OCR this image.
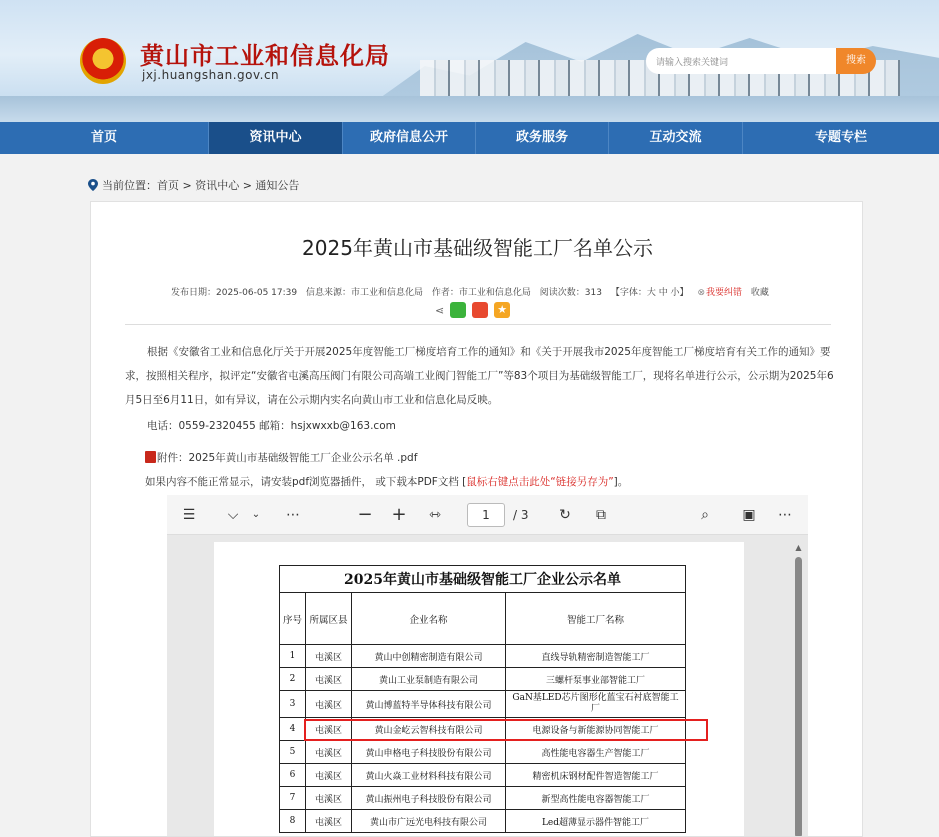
黄山市工业和信息化局
jxj.huangshan.gov.cn
请输入搜索关键词	搜索
首页	资讯中心	政府信息公开	政务服务	互动交流	专题专栏
当前位置：首页 > 资讯中心 > 通知公告
2025年黄山市基础级智能工厂名单公示
发布日期：2025-06-05 17:39 信息来源：市工业和信息化局 作者：市工业和信息化局 阅读次数：313 【字体：大 中 小】 ⊗我要纠错 收藏
⋖	★
根据《安徽省工业和信息化厅关于开展2025年度智能工厂梯度培育工作的通知》和《关于开展我市2025年度智能工厂梯度培育有关工作的通知》要求，按照相关程序，拟评定“安徽省屯溪高压阀门有限公司高端工业阀门智能工厂”等83个项目为基础级智能工厂，现将名单进行公示，公示期为2025年6月5日至6月11日，如有异议，请在公示期内实名向黄山市工业和信息化局反映。
电话：0559-2320455 邮箱：hsjxwxxb@163.com
附件：2025年黄山市基础级智能工厂企业公示名单 .pdf
如果内容不能正常显示，请安装pdf浏览器插件， 或下载本PDF文档 [鼠标右键点击此处“链接另存为”]。
☰	⌵	⌄	⋯	− +	⇿	1	/ 3	↻	⧉	⌕	▣	⋯
2025年黄山市基础级智能工厂企业公示名单			
序号	所属区县	企业名称	智能工厂名称
1	屯溪区	黄山中创精密制造有限公司	直线导轨精密制造智能工厂
2	屯溪区	黄山工业泵制造有限公司	三螺杆泵事业部智能工厂
3	屯溪区	黄山博蓝特半导体科技有限公司	GaN基LED芯片图形化蓝宝石衬底智能工厂
4	屯溪区	黄山金屹云智科技有限公司	电源设备与新能源协同智能工厂
5	屯溪区	黄山申格电子科技股份有限公司	高性能电容器生产智能工厂
6	屯溪区	黄山火焱工业材料科技有限公司	精密机床钢材配件智造智能工厂
7	屯溪区	黄山振州电子科技股份有限公司	新型高性能电容器智能工厂
8	屯溪区	黄山市广远光电科技有限公司	Led超薄显示器件智能工厂
▲
